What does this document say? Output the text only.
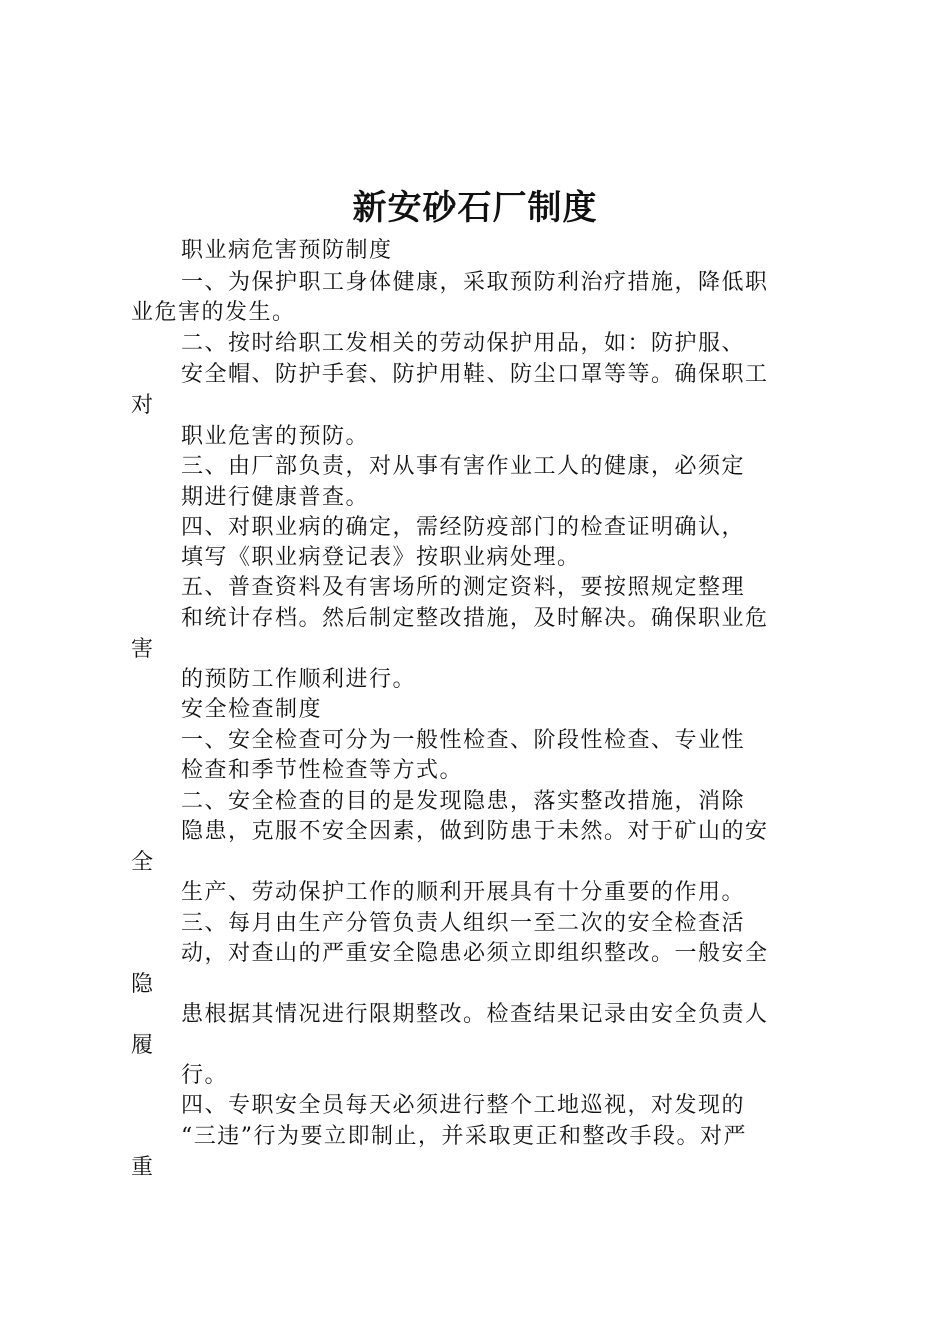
新安砂石厂制度

职业病危害预防制度

一、为保护职工身体健康，采取预防利治疗措施，降低职

业危害的发生。

二、按时给职工发相关的劳动保护用品，如：防护服、

安全帽、防护手套、防护用鞋、防尘口罩等等。确保职工

对

职业危害的预防。

三、由厂部负责，对从事有害作业工人的健康，必须定

期进行健康普查。

四、对职业病的确定，需经防疫部门的检查证明确认，

填写《职业病登记表》按职业病处理。

五、普查资料及有害场所的测定资料，要按照规定整理

和统计存档。然后制定整改措施，及时解决。确保职业危

害

的预防工作顺利进行。

安全检查制度

一、安全检查可分为一般性检查、阶段性检查、专业性

检查和季节性检查等方式。

二、安全检查的目的是发现隐患，落实整改措施，消除

隐患，克服不安全因素，做到防患于未然。对于矿山的安

全

生产、劳动保护工作的顺利开展具有十分重要的作用。

三、每月由生产分管负责人组织一至二次的安全检查活

动，对查山的严重安全隐患必须立即组织整改。一般安全

隐

患根据其情况进行限期整改。检查结果记录由安全负责人

履

行。

四、专职安全员每天必须进行整个工地巡视，对发现的

“三违”行为要立即制止，并采取更正和整改手段。对严

重
